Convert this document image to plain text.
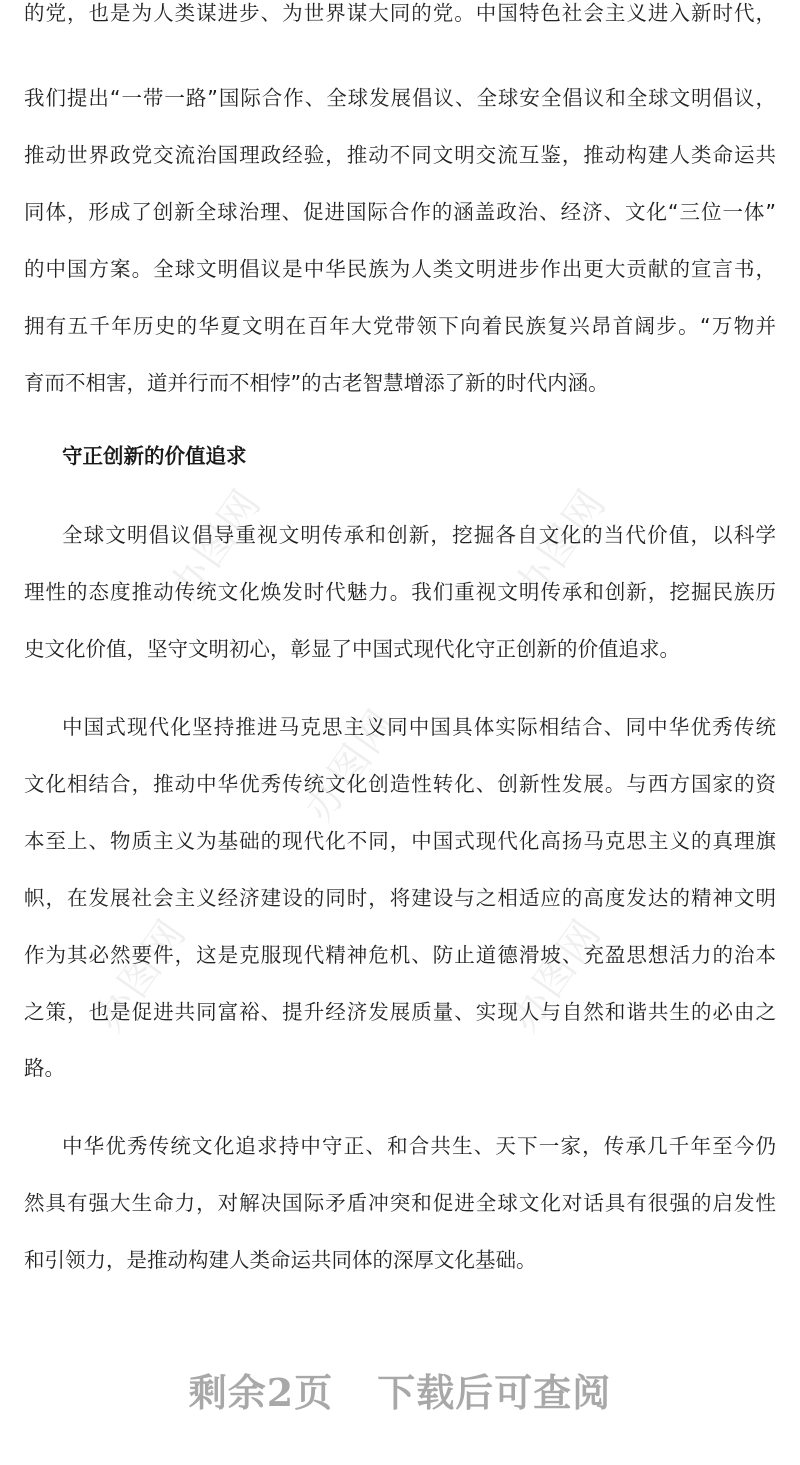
办图网	办图网
办图网
办图网	办图网
的党，也是为人类谋进步、为世界谋大同的党。中国特色社会主义进入新时代，
我们提出“一带一路”国际合作、全球发展倡议、全球安全倡议和全球文明倡议，
推动世界政党交流治国理政经验，推动不同文明交流互鉴，推动构建人类命运共
同体，形成了创新全球治理、促进国际合作的涵盖政治、经济、文化“三位一体”
的中国方案。全球文明倡议是中华民族为人类文明进步作出更大贡献的宣言书，
拥有五千年历史的华夏文明在百年大党带领下向着民族复兴昂首阔步。“万物并
育而不相害，道并行而不相悖”的古老智慧增添了新的时代内涵。
守正创新的价值追求
全球文明倡议倡导重视文明传承和创新，挖掘各自文化的当代价值，以科学
理性的态度推动传统文化焕发时代魅力。我们重视文明传承和创新，挖掘民族历
史文化价值，坚守文明初心，彰显了中国式现代化守正创新的价值追求。
中国式现代化坚持推进马克思主义同中国具体实际相结合、同中华优秀传统
文化相结合，推动中华优秀传统文化创造性转化、创新性发展。与西方国家的资
本至上、物质主义为基础的现代化不同，中国式现代化高扬马克思主义的真理旗
帜，在发展社会主义经济建设的同时，将建设与之相适应的高度发达的精神文明
作为其必然要件，这是克服现代精神危机、防止道德滑坡、充盈思想活力的治本
之策，也是促进共同富裕、提升经济发展质量、实现人与自然和谐共生的必由之
路。
中华优秀传统文化追求持中守正、和合共生、天下一家，传承几千年至今仍
然具有强大生命力，对解决国际矛盾冲突和促进全球文化对话具有很强的启发性
和引领力，是推动构建人类命运共同体的深厚文化基础。
剩余2页 下载后可查阅
